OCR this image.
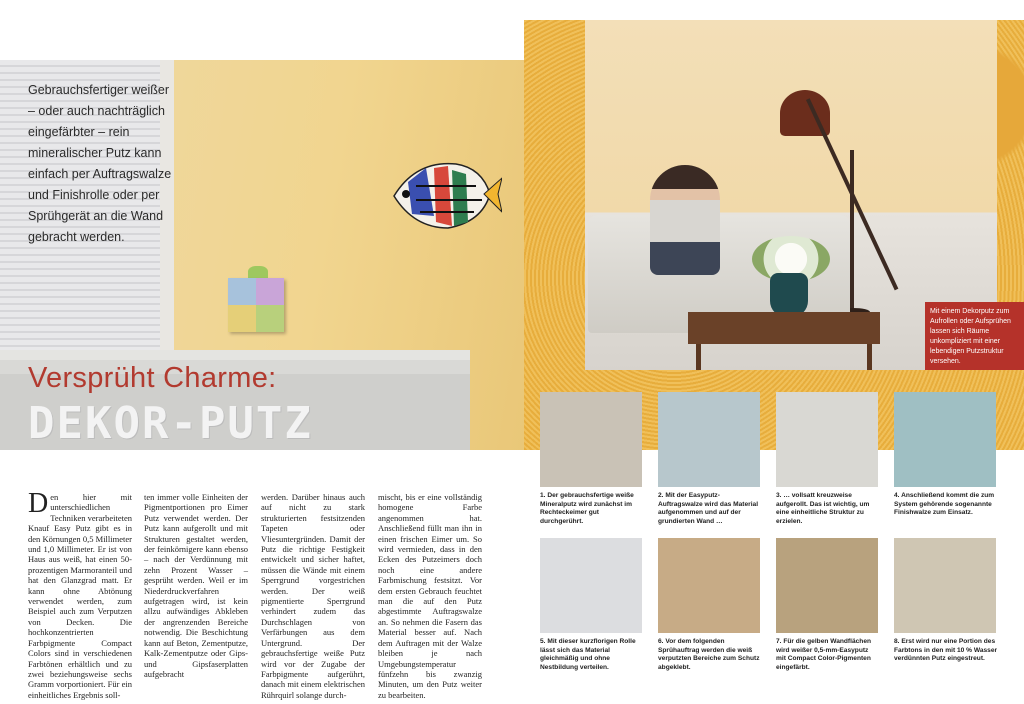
Gebrauchsfertiger weißer – oder auch nachträglich eingefärbter – rein mineralischer Putz kann einfach per Auftragswalze und Finishrolle oder per Sprühgerät an die Wand gebracht werden.
Versprüht Charme:
DEKOR-PUTZ
Mit einem Dekorputz zum Aufrollen oder Aufsprühen lassen sich Räume unkompliziert mit einer lebendigen Putzstruktur versehen.
Den hier mit unterschiedlichen Techniken verarbeiteten Knauf Easy Putz gibt es in den Körnungen 0,5 Millimeter und 1,0 Millimeter. Er ist von Haus aus weiß, hat einen 50-prozentigen Marmoranteil und hat den Glanzgrad matt. Er kann ohne Abtönung verwendet werden, zum Beispiel auch zum Verputzen von Decken. Die hochkonzentrierten Farbpigmente Compact Colors sind in verschiedenen Farbtönen erhältlich und zu zwei beziehungsweise sechs Gramm vorportioniert. Für ein einheitliches Ergebnis soll-
ten immer volle Einheiten der Pigmentportionen pro Eimer Putz verwendet werden. Der Putz kann aufgerollt und mit Strukturen gestaltet werden, der feinkörnigere kann ebenso – nach der Verdünnung mit zehn Prozent Wasser – gesprüht werden. Weil er im Niederdruckverfahren aufgetragen wird, ist kein allzu aufwändiges Abkleben der angrenzenden Bereiche notwendig. Die Beschichtung kann auf Beton, Zementputze, Kalk-Zementputze oder Gips- und Gipsfaserplatten aufgebracht
werden. Darüber hinaus auch auf nicht zu stark strukturierten festsitzenden Tapeten oder Vliesuntergründen. Damit der Putz die richtige Festigkeit entwickelt und sicher haftet, müssen die Wände mit einem Sperrgrund vorgestrichen werden. Der weiß pigmentierte Sperrgrund verhindert zudem das Durchschlagen von Verfärbungen aus dem Untergrund. Der gebrauchsfertige weiße Putz wird vor der Zugabe der Farbpigmente aufgerührt, danach mit einem elektrischen Rührquirl solange durch-
mischt, bis er eine vollständig homogene Farbe angenommen hat. Anschließend füllt man ihn in einen frischen Eimer um. So wird vermieden, dass in den Ecken des Putzeimers doch noch eine andere Farbmischung festsitzt. Vor dem ersten Gebrauch feuchtet man die auf den Putz abgestimmte Auftragswalze an. So nehmen die Fasern das Material besser auf. Nach dem Auftragen mit der Walze bleiben je nach Umgebungstemperatur fünfzehn bis zwanzig Minuten, um den Putz weiter zu bearbeiten.
1. Der gebrauchsfertige weiße Mineralputz wird zunächst im Rechteckeimer gut durchgerührt.
2. Mit der Easyputz-Auftragswalze wird das Material aufgenommen und auf der grundierten Wand …
3. … vollsatt kreuzweise aufgerollt. Das ist wichtig, um eine einheitliche Struktur zu erzielen.
4. Anschließend kommt die zum System gehörende sogenannte Finishwalze zum Einsatz.
5. Mit dieser kurzflorigen Rolle lässt sich das Material gleichmäßig und ohne Nestbildung verteilen.
6. Vor dem folgenden Sprühauftrag werden die weiß verputzten Bereiche zum Schutz abgeklebt.
7. Für die gelben Wandflächen wird weißer 0,5-mm-Easyputz mit Compact Color-Pigmenten eingefärbt.
8. Erst wird nur eine Portion des Farbtons in den mit 10 % Wasser verdünnten Putz eingestreut.
